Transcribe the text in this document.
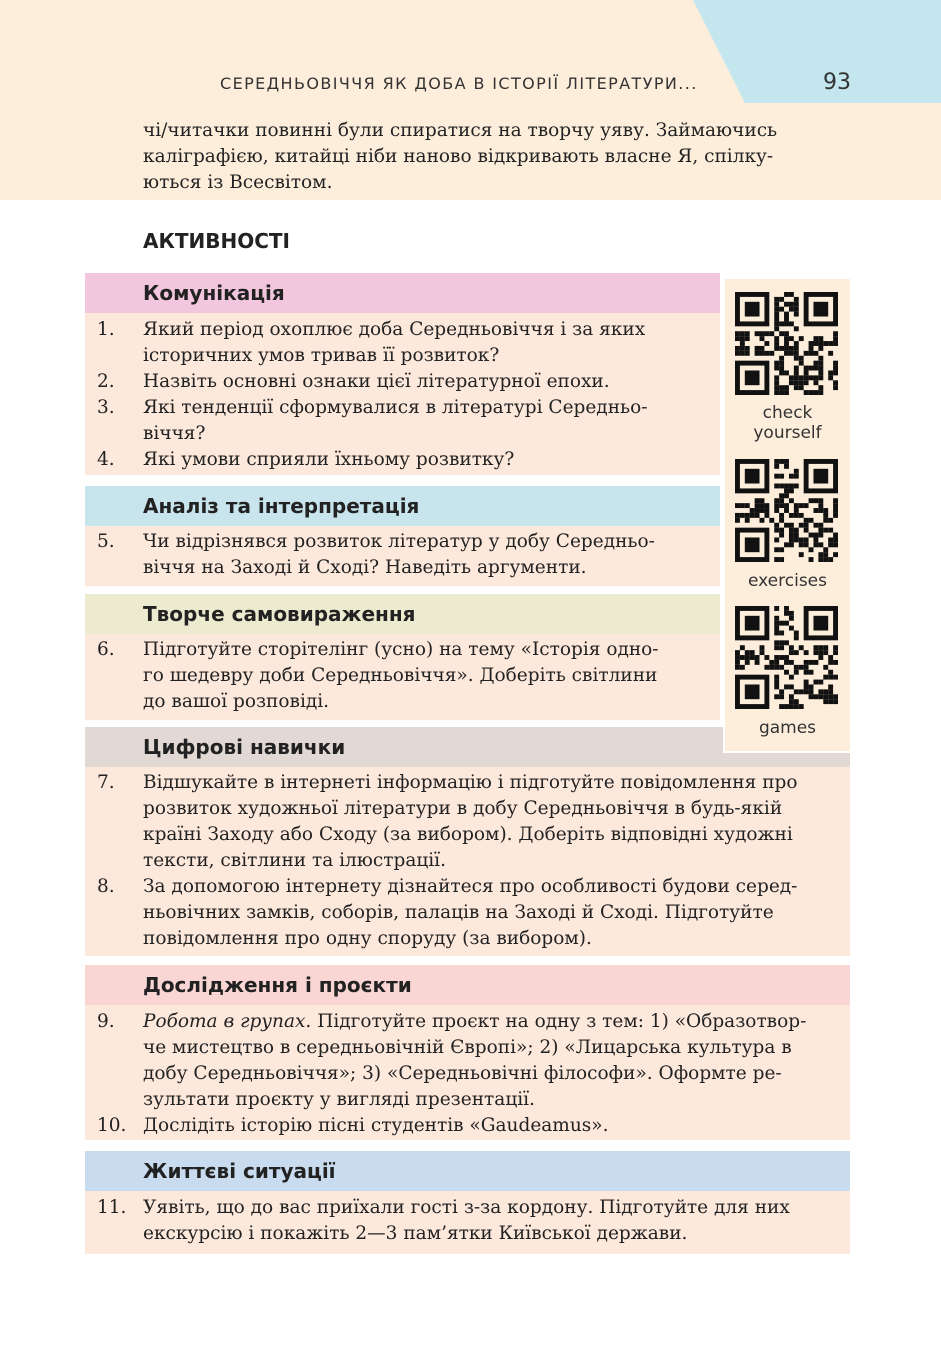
СЕРЕДНЬОВІЧЧЯ ЯК ДОБА В ІСТОРІЇ ЛІТЕРАТУРИ...	93
чі/читачки повинні були спиратися на творчу уяву. Займаючись
каліграфією, китайці ніби наново відкривають власне Я, спілку-
ються із Всесвітом.
АКТИВНОСТІ
Комунікація
1. Який період охоплює доба Середньовіччя і за яких
історичних умов тривав її розвиток?
2. Назвіть основні ознаки цієї літературної епохи.
3. Які тенденції сформувалися в літературі Середньо-
віччя?
4. Які умови сприяли їхньому розвитку?
Аналіз та інтерпретація
5. Чи відрізнявся розвиток літератур у добу Середньо-
віччя на Заході й Сході? Наведіть аргументи.
Творче самовираження
6. Підготуйте сторітелінг (усно) на тему «Історія одно-
го шедевру доби Середньовіччя». Доберіть світлини
до вашої розповіді.
Цифрові навички
7. Відшукайте в інтернеті інформацію і підготуйте повідомлення про
розвиток художньої літератури в добу Середньовіччя в будь-якій
країні Заходу або Сходу (за вибором). Доберіть відповідні художні
тексти, світлини та ілюстрації.
8. За допомогою інтернету дізнайтеся про особливості будови серед-
ньовічних замків, соборів, палаців на Заході й Сході. Підготуйте
повідомлення про одну споруду (за вибором).
Дослідження і проєкти
9. Робота в групах. Підготуйте проєкт на одну з тем: 1) «Образотвор-
че мистецтво в середньовічній Європі»; 2) «Лицарська культура в
добу Середньовіччя»; 3) «Середньовічні філософи». Оформте ре-
зультати проєкту у вигляді презентації.
10. Дослідіть історію пісні студентів «Gaudeamus».
Життєві ситуації
11. Уявіть, що до вас приїхали гості з-за кордону. Підготуйте для них
екскурсію і покажіть 2—3 пам’ятки Київської держави.
check
yourself
exercises
games
